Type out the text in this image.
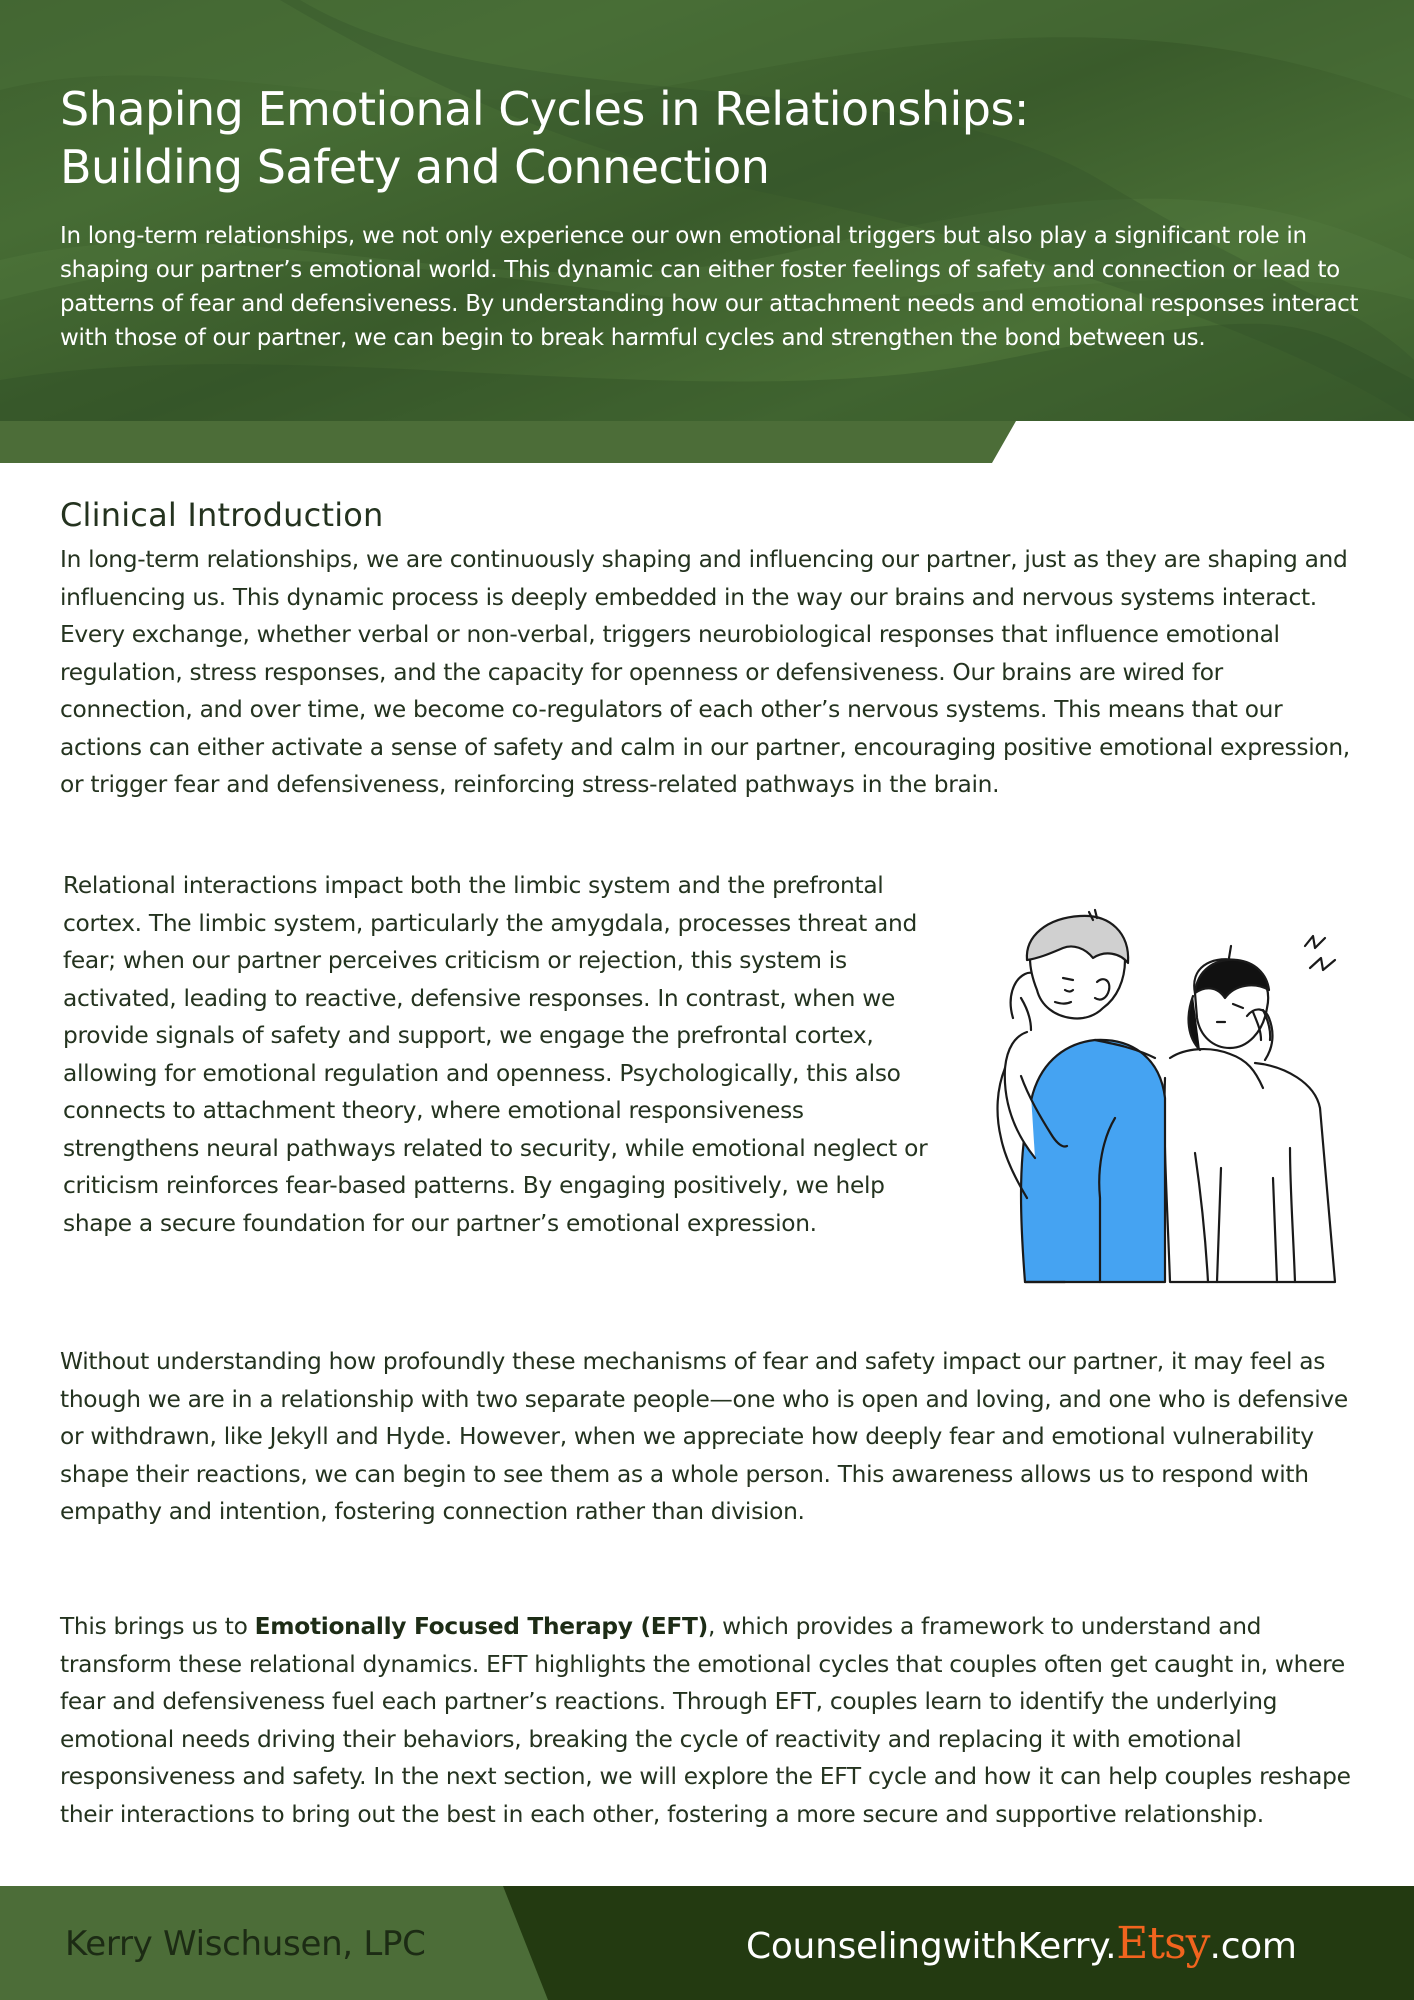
Shaping Emotional Cycles in Relationships:
Building Safety and Connection

In long-term relationships, we not only experience our own emotional triggers but also play a significant role in shaping our partner’s emotional world. This dynamic can either foster feelings of safety and connection or lead to patterns of fear and defensiveness. By understanding how our attachment needs and emotional responses interact with those of our partner, we can begin to break harmful cycles and strengthen the bond between us.

Clinical Introduction

In long-term relationships, we are continuously shaping and influencing our partner, just as they are shaping and influencing us. This dynamic process is deeply embedded in the way our brains and nervous systems interact. Every exchange, whether verbal or non-verbal, triggers neurobiological responses that influence emotional regulation, stress responses, and the capacity for openness or defensiveness. Our brains are wired for connection, and over time, we become co-regulators of each other’s nervous systems. This means that our actions can either activate a sense of safety and calm in our partner, encouraging positive emotional expression, or trigger fear and defensiveness, reinforcing stress-related pathways in the brain.

Relational interactions impact both the limbic system and the prefrontal cortex. The limbic system, particularly the amygdala, processes threat and fear; when our partner perceives criticism or rejection, this system is activated, leading to reactive, defensive responses. In contrast, when we provide signals of safety and support, we engage the prefrontal cortex, allowing for emotional regulation and openness. Psychologically, this also connects to attachment theory, where emotional responsiveness strengthens neural pathways related to security, while emotional neglect or criticism reinforces fear-based patterns. By engaging positively, we help shape a secure foundation for our partner’s emotional expression.

Without understanding how profoundly these mechanisms of fear and safety impact our partner, it may feel as though we are in a relationship with two separate people—one who is open and loving, and one who is defensive or withdrawn, like Jekyll and Hyde. However, when we appreciate how deeply fear and emotional vulnerability shape their reactions, we can begin to see them as a whole person. This awareness allows us to respond with empathy and intention, fostering connection rather than division.

This brings us to Emotionally Focused Therapy (EFT), which provides a framework to understand and transform these relational dynamics. EFT highlights the emotional cycles that couples often get caught in, where fear and defensiveness fuel each partner’s reactions. Through EFT, couples learn to identify the underlying emotional needs driving their behaviors, breaking the cycle of reactivity and replacing it with emotional responsiveness and safety. In the next section, we will explore the EFT cycle and how it can help couples reshape their interactions to bring out the best in each other, fostering a more secure and supportive relationship.

Kerry Wischusen, LPC	CounselingwithKerry.Etsy.com
